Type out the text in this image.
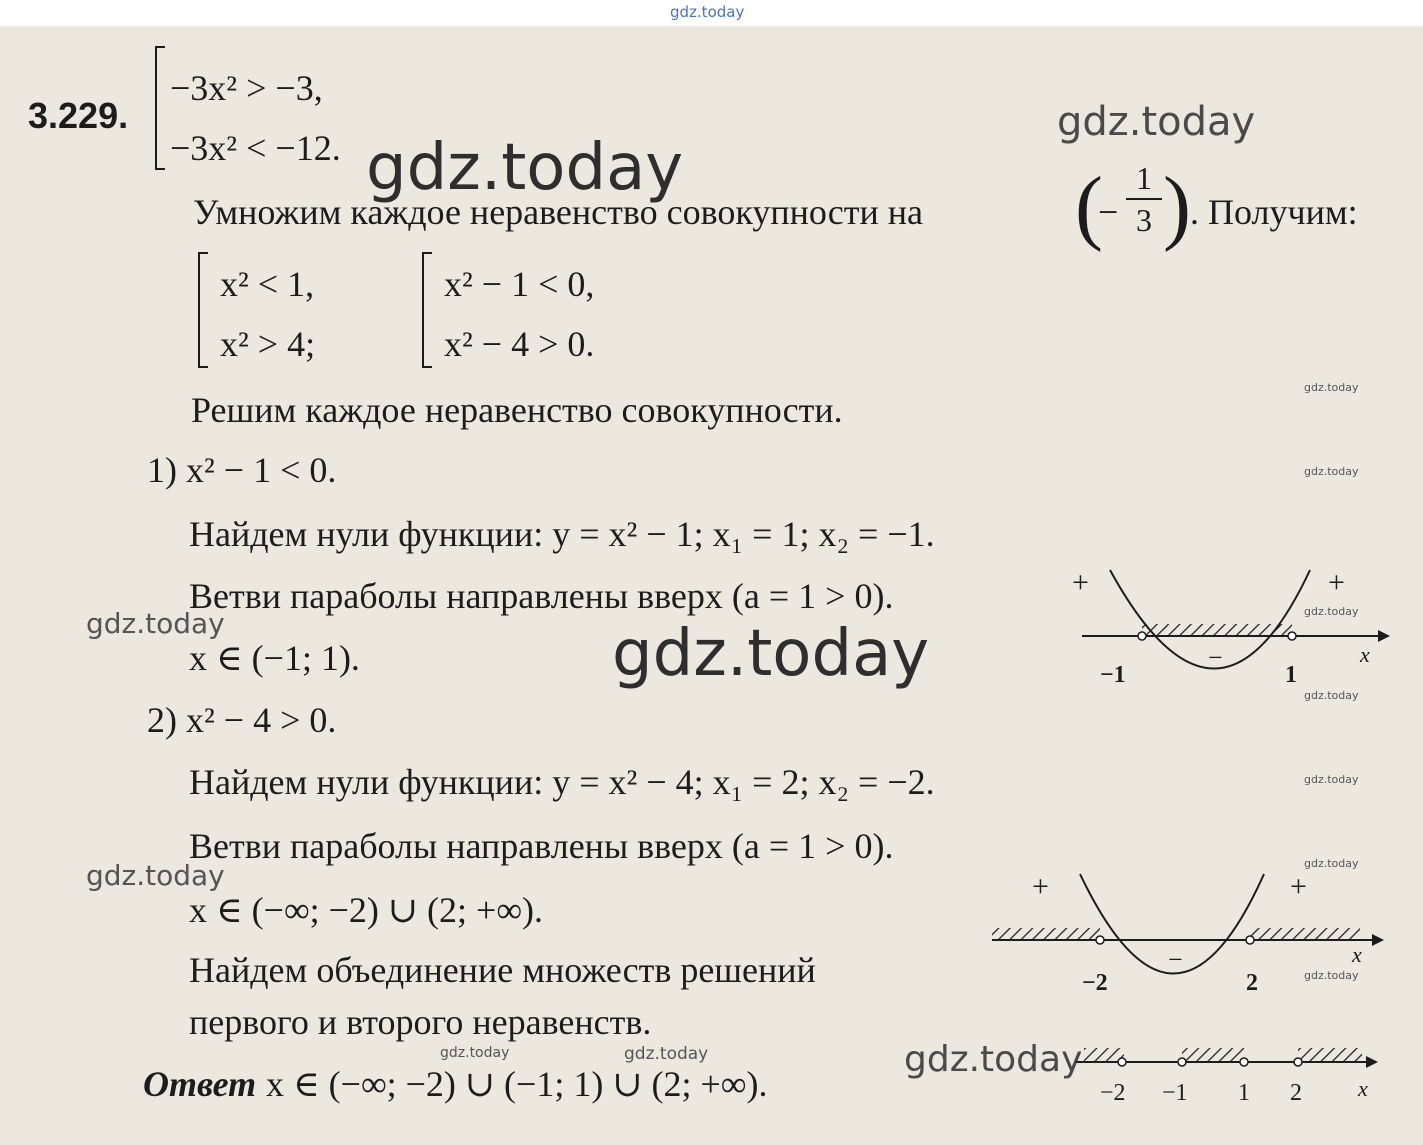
gdz.today
3.229.
−3x² > −3,
−3x² < −12. gdz.today
gdz.today
Умножим каждое неравенство совокупности на (
−
1
3 ) . Получим:
x² < 1,
x² > 4;
x² − 1 < 0,
x² − 4 > 0.
Решим каждое неравенство совокупности.
gdz.today
1) x² − 1 < 0.	gdz.today
Найдем нули функции: y = x² − 1; x₁ = 1; x₂ = −1.
Ветви параболы направлены вверх (a = 1 > 0).
gdz.today
x ∈ (−1; 1).	gdz.today
gdz.today
gdz.today
+	+
−
−1	1
x
2) x² − 4 > 0.
Найдем нули функции: y = x² − 4; x₁ = 2; x₂ = −2.	gdz.today
Ветви параболы направлены вверх (a = 1 > 0).	gdz.today
gdz.today
x ∈ (−∞; −2) ∪ (2; +∞).
gdz.today
+	+
−
−2	2
x
Найдем объединение множеств решений
первого и второго неравенств.
gdz.today	gdz.today	gdz.today
Ответ x ∈ (−∞; −2) ∪ (−1; 1) ∪ (2; +∞).	−2 −1 1 2	x
